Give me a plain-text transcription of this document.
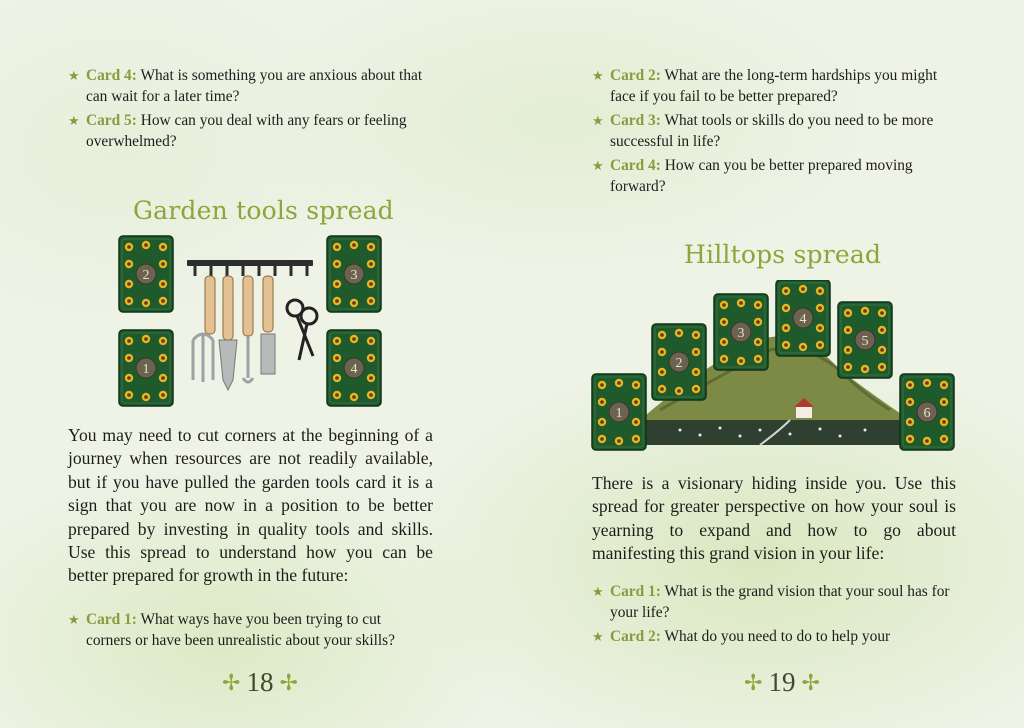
★ Card 4: What is something you are anxious about that can wait for a later time?
★ Card 5: How can you deal with any fears or feeling overwhelmed?
Garden tools spread
2	3
1	4

You may need to cut corners at the beginning of a journey when resources are not readily available, but if you have pulled the garden tools card it is a sign that you are now in a position to be better prepared by investing in quality tools and skills. Use this spread to understand how you can be better prepared for growth in the future:

★ Card 1: What ways have you been trying to cut corners or have been unrealistic about your skills?
✢ 18 ✢
★ Card 2: What are the long-term hardships you might face if you fail to be better prepared?
★ Card 3: What tools or skills do you need to be more successful in life?
★ Card 4: How can you be better prepared moving forward?
Hilltops spread
1
2
3
4
5
6

There is a visionary hiding inside you. Use this spread for greater perspective on how your soul is yearning to expand and how to go about manifesting this grand vision in your life:

★ Card 1: What is the grand vision that your soul has for your life?
★ Card 2: What do you need to do to help your
✢ 19 ✢
